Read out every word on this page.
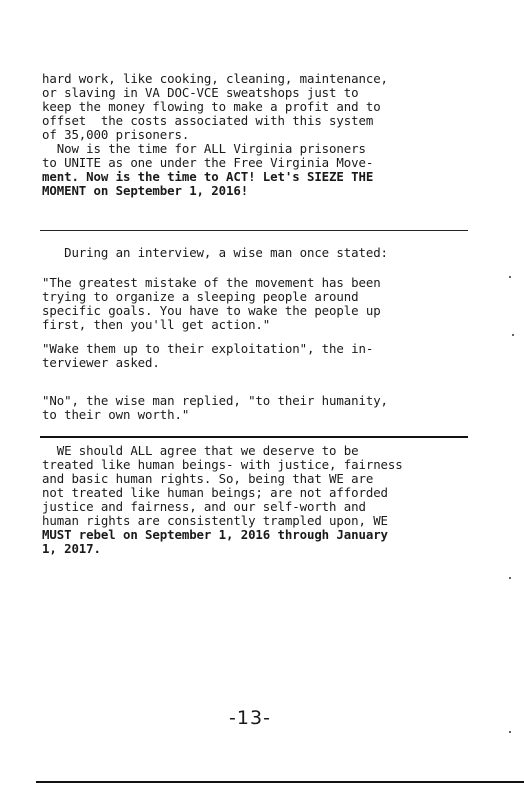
hard work, like cooking, cleaning, maintenance,
or slaving in VA DOC-VCE sweatshops just to
keep the money flowing to make a profit and to
offset  the costs associated with this system
of 35,000 prisoners.
Now is the time for ALL Virginia prisoners
to UNITE as one under the Free Virginia Move-
ment. Now is the time to ACT! Let's SIEZE THE
MOMENT on September 1, 2016!
During an interview, a wise man once stated:
"The greatest mistake of the movement has been
trying to organize a sleeping people around
specific goals. You have to wake the people up
first, then you'll get action."
"Wake them up to their exploitation", the in-
terviewer asked.
"No", the wise man replied, "to their humanity,
to their own worth."
WE should ALL agree that we deserve to be
treated like human beings- with justice, fairness
and basic human rights. So, being that WE are
not treated like human beings; are not afforded
justice and fairness, and our self-worth and
human rights are consistently trampled upon, WE
MUST rebel on September 1, 2016 through January
1, 2017.
-13-
